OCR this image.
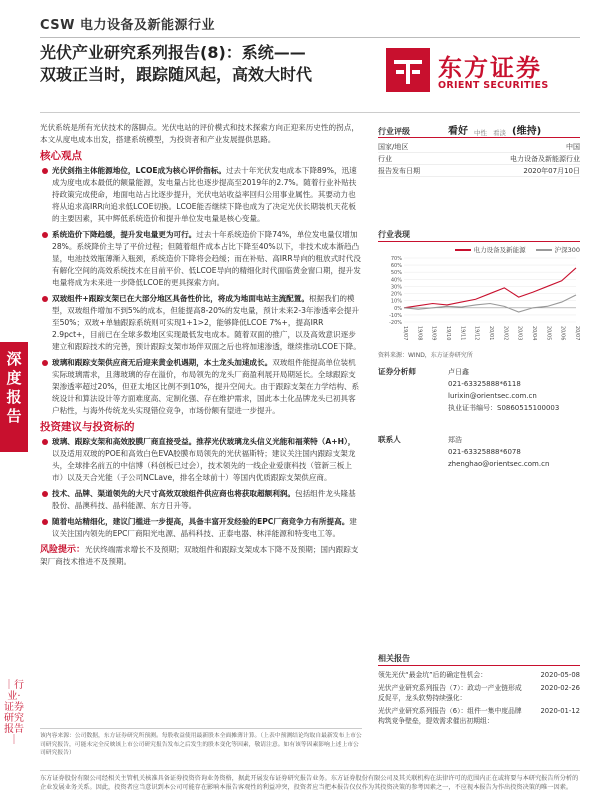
CSW 电力设备及新能源行业
光伏产业研究系列报告(8)：系统——
双玻正当时，跟踪随风起，高效大时代	东方证券
ORIENT SECURITIES
深度
报告
｜行业·证券研究报告｜
光伏系统是所有光伏技术的落脚点。光伏电站的评价模式和技术探索方向正迎来历史性的拐点，本文从度电成本出发，搭建系统模型，为投资者和产业发展提供思路。
核心观点
光伏剑指主体能源地位，LCOE成为核心评价指标。过去十年光伏发电成本下降89%，迅速成为度电成本最低的额量能源，发电量占比也逐步提高至2019年的2.7%。随着行业补贴扶持政策完成使命，地面电站占比逐步提升，光伏电站收益率回归公用事业属性。其要动力也将从追求高IRR向追求低LCOE切换。LCOE能否继续下降也成为了决定光伏长期装机天花板的主要因素，其中辉低系统造价和提升单位发电量是核心变量。
系统造价下降趋缓，提升发电量更为可行。过去十年系统造价下降74%，单位发电量仅增加28%。系统降价主导了平价过程；但随着组件成本占比下降至40%以下，非技术成本渐趋凸显，电池技效瓶薄渐入瓶颈，系统造价下降将会趋缓；而在补贴、高IRR导向的粗放式时代没有解化空间的高效系统技术在目前平价、低LCOE导向的精细化时代面临黄金窗口期，提升发电量将成为未来进一步降低LCOE的更具探索方向。
双玻组件+跟踪支架已在大部分地区具备性价比，将成为地面电站主流配置。根据我们的模型，双玻组件增加不到5%的成本，但能提高8-20%的发电量，预计未来2-3年渗透率会提升至50%；双玻+单轴跟踪系统则可实现1+1>2，能够降低LCOE 7%+，提高IRR 2.9pct+，目前已在全球多数地区实现最低发电成本。随着双面的推广，以及高效意识逐步建立和跟踪技术的完善，预计跟踪支架市场伴双面之后也将加速渗透，继续推动LCOE下降。
玻璃和跟踪支架供应商无后迎来黄金机遇期，本土龙头加速成长。双玻组件能提高单位装机实际玻璃需求，且薄玻璃的存在溢价，布局领先的龙头厂商盈利展开局期延长。全球跟踪支架渗透率超过20%，但亚太地区比例不到10%，提升空间大。由于跟踪支架在力学结构、系统设计和算法设计等方面难度高、定制化强、存在维护需求，国此本土化品牌龙头已初具客户粘性，与海外传统龙头实现错位竞争，市场份额有望进一步提升。
投资建议与投资标的
玻璃、跟踪支架和高效胶膜厂商直接受益。推荐光伏玻璃龙头信义光能和福莱特（A+H），以及适用双玻的POE和高效白色EVA胶膜布局领先的光伏福斯特；建议关注国内跟踪支架龙头，全球排名前五的中信博（科创板已过会），技术领先的一线企业爱康科技（管新三板上市）以及天合光能（子公司NCLave，排名全球前十）等国内优质跟踪支架供应商。
技术、品牌、渠道领先的大尺寸高效双玻组件供应商也将获取超额利润。包括组件龙头隆基股份、晶澳科技、晶科能源、东方日升等。
随着电站精细化，建议门槛进一步提高，具备丰富开发经验的EPC厂商竞争力有所提高。建议关注国内领先的EPC厂商阳光电源、晶科科技、正泰电器、林洋能源和特变电工等。
风险提示：光伏终端需求增长不及预期；双玻组件和跟踪支架成本下降不及预期；国内跟踪支架厂商技术推进不及预期。
该内容来源：公司数据，东方证券研究所预测。每股收益使用最新股本全面摊薄计算。（上表中预测结论均取自最新发布上市公司研究报告，可能未完全反映该上市公司研究报告发布之后发生的股本变化等因素，敬请注意。如有该等因素影响上述上市公司研究报告）
东方证券股份有限公司经相关主管机关核准具备证券投资咨询业务资格，据此开展发布证券研究报告业务。东方证券股份有限公司及其关联机构在法律许可的范围内正在或将要与本研究报告所分析的企业发展业务关系。因此，投资者应当意识到本公司可能存在影响本报告客观性的利益冲突，投资者应当把本报告仅仅作为其投资决策的参考因素之一，不应视本报告为作出投资决策的唯一因素。
行业评级	看好 中性 看淡 (维持)
国家/地区	中国
行业	电力设备及新能源行业
报告发布日期	2020年07月10日
行业表现
电力设备及新能源	沪深300
-20%
-10%
0%
10%
20%
30%
40%
50%
60%
70%
19/07 19/08 19/09 19/10 19/11 19/12 20/01 20/02 20/03 20/04 20/05 20/06 20/07
资料来源：WIND，东方证券研究所
证券分析师	卢日鑫
021-63325888*6118
lurixin@orientsec.com.cn
执业证书编号：S0860515100003
联系人	郑浩
021-63325888*6078
zhenghao@orientsec.com.cn
相关报告
领先光伏“最金坑”后的确定性机会：	2020-05-08
光伏产业研究系列报告（7）：政动一产业链形成反促平，龙头软势持续强化：
2020-02-26
光伏产业研究系列报告（6）：组件一集中度品牌构筑竞争壁垒，提效需求催出初期组：
2020-01-12
